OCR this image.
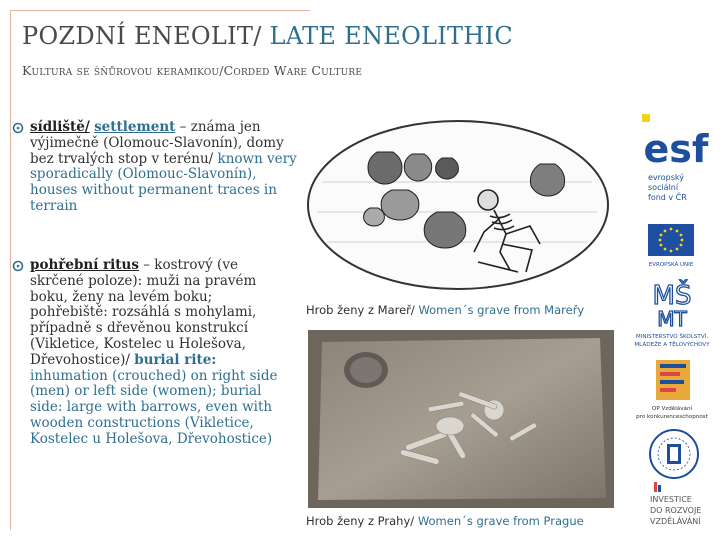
POZDNÍ ENEOLIT/ LATE ENEOLITHIC
Kultura se šňůrovou keramikou/Corded Ware Culture
sídliště/ settlement – známa jen výjimečně (Olomouc-Slavonín), domy bez trvalých stop v terénu/ known very sporadically (Olomouc-Slavonín), houses without permanent traces in terrain
pohřební ritus – kostrový (ve skrčené poloze): muži na pravém boku, ženy na levém boku; pohřebiště: rozsáhlá s mohylami, případně s dřevěnou konstrukcí (Vikletice, Kostelec u Holešova, Dřevohostice)/ burial rite: inhumation (crouched) on right side (men) or left side (women); burial side: large with barrows, even with wooden constructions (Vikletice, Kostelec u Holešova, Dřevohostice)
Hrob ženy z Mareř/ Women´s grave from Mareřy
Hrob ženy z Prahy/ Women´s grave from Prague
esf
evropský
sociální
fond v ČR
EVROPSKÁ UNIE
MŠ
MT
MINISTERSTVO ŠKOLSTVÍ,
MLÁDEŽE A TĚLOVÝCHOVY
OP Vzdělávání
pro konkurenceschopnost
INVESTICE
DO ROZVOJE
VZDĚLÁVÁNÍ
